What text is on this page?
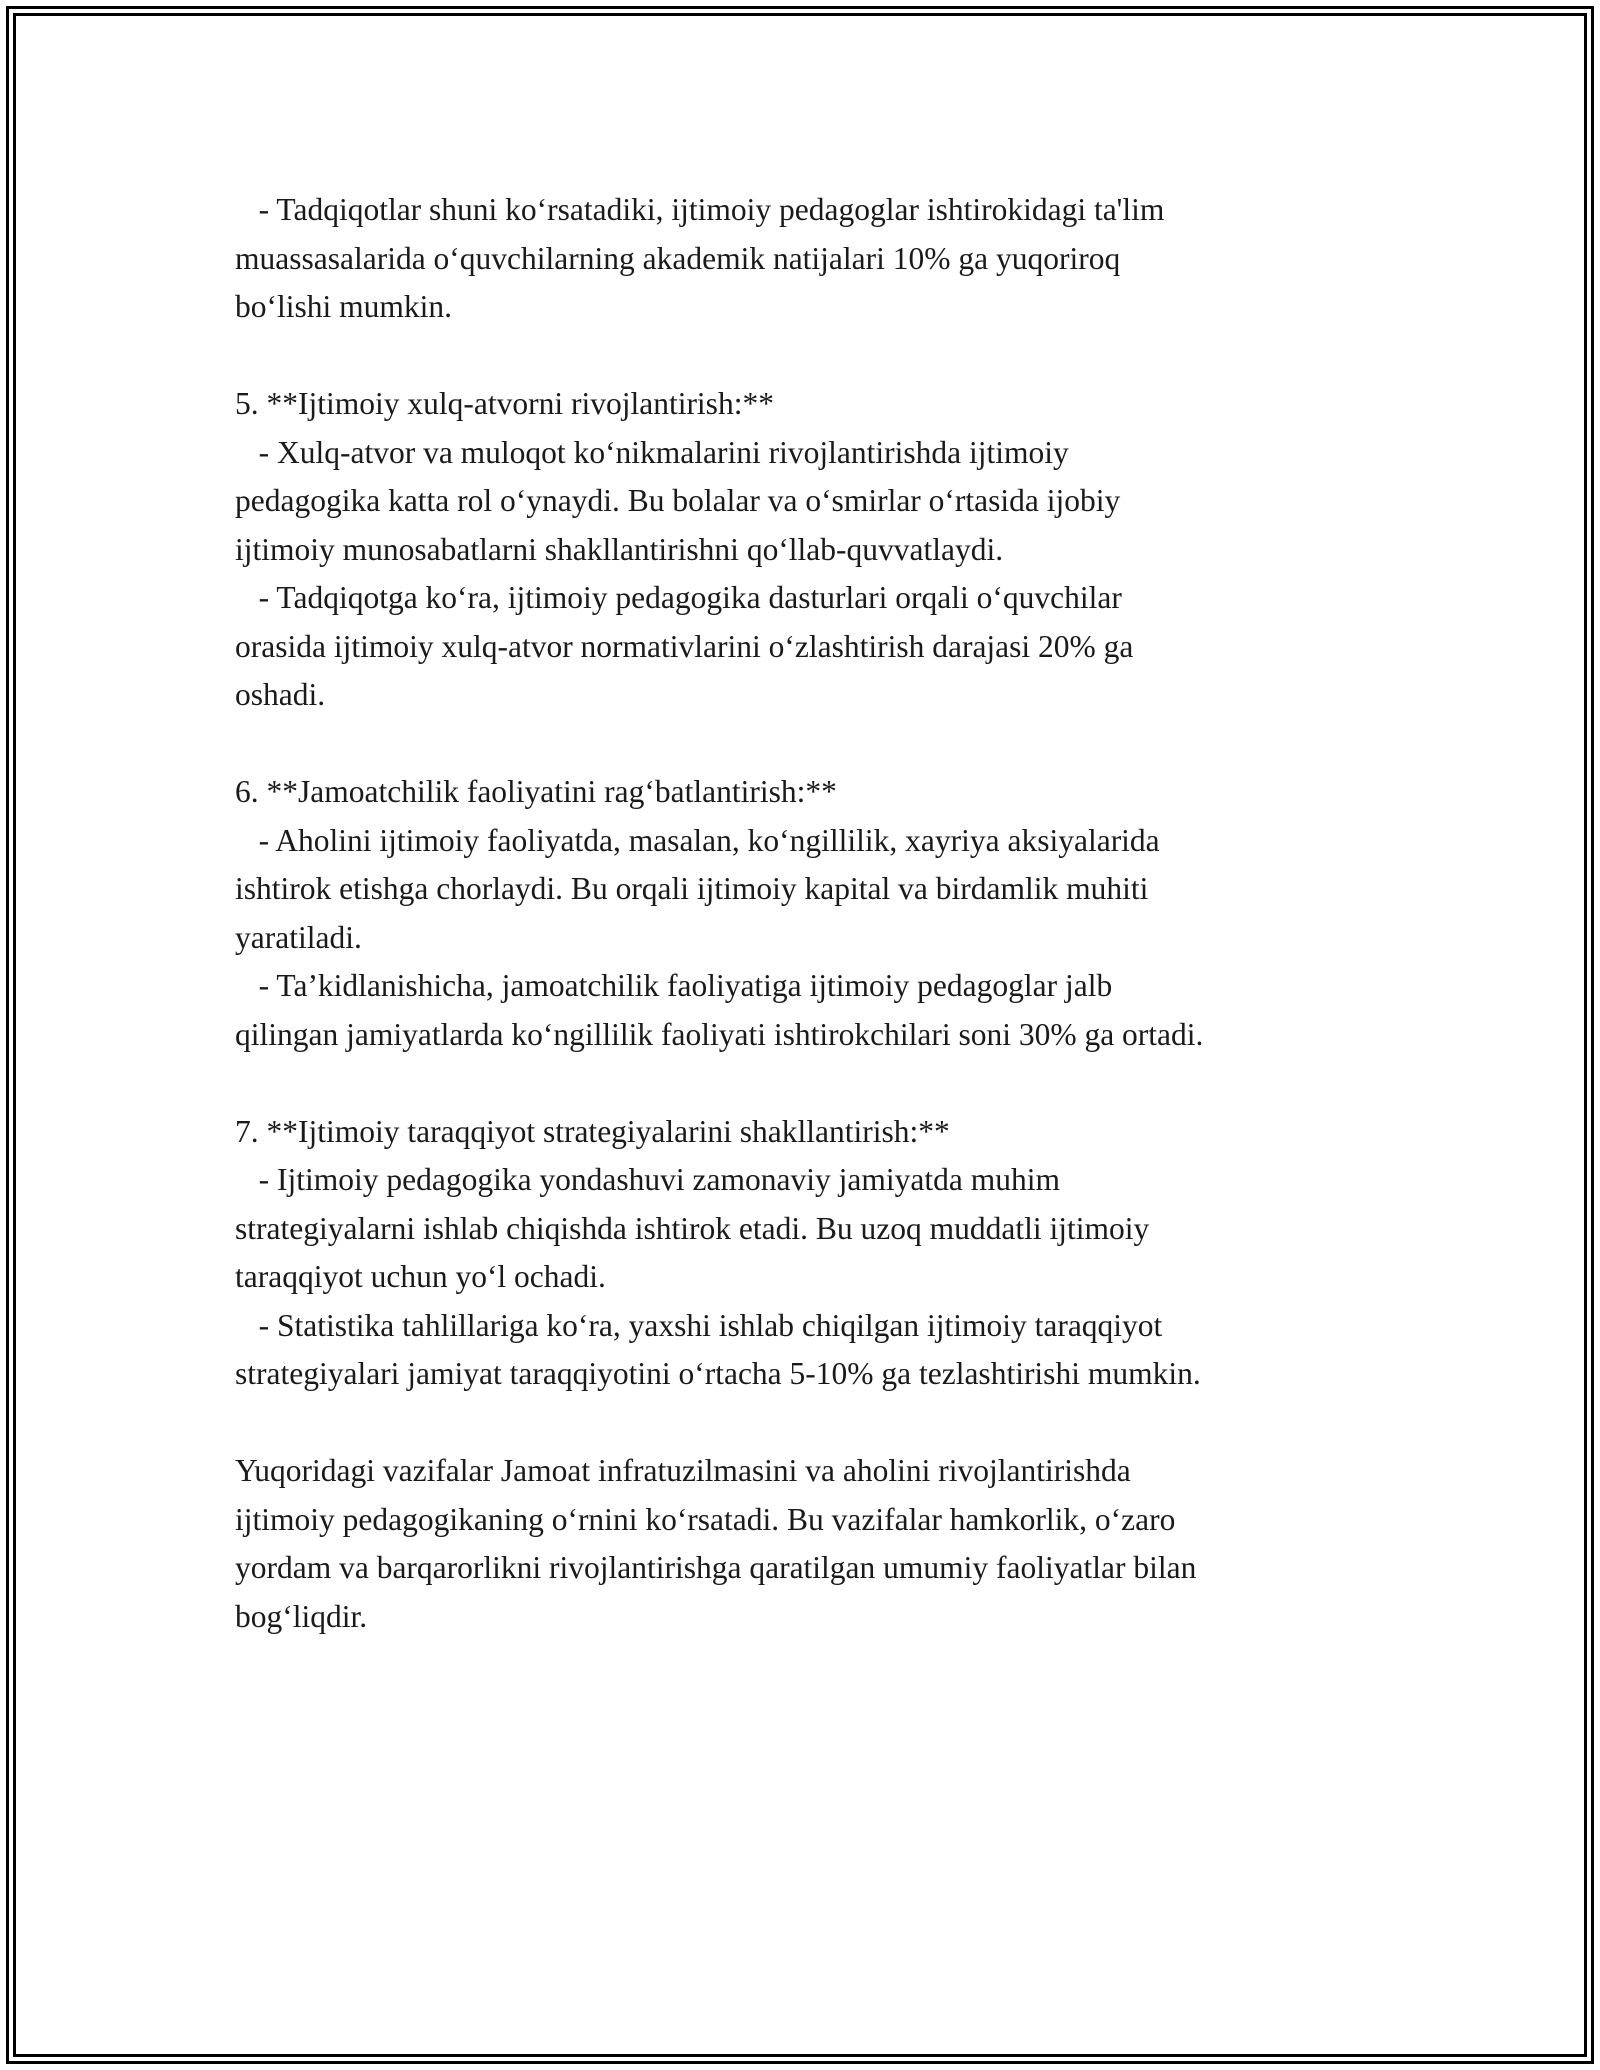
- Tadqiqotlar shuni ko‘rsatadiki, ijtimoiy pedagoglar ishtirokidagi ta'lim
muassasalarida o‘quvchilarning akademik natijalari 10% ga yuqoriroq
bo‘lishi mumkin.
5. **Ijtimoiy xulq-atvorni rivojlantirish:**
- Xulq-atvor va muloqot ko‘nikmalarini rivojlantirishda ijtimoiy
pedagogika katta rol o‘ynaydi. Bu bolalar va o‘smirlar o‘rtasida ijobiy
ijtimoiy munosabatlarni shakllantirishni qo‘llab-quvvatlaydi.
- Tadqiqotga ko‘ra, ijtimoiy pedagogika dasturlari orqali o‘quvchilar
orasida ijtimoiy xulq-atvor normativlarini o‘zlashtirish darajasi 20% ga
oshadi.
6. **Jamoatchilik faoliyatini rag‘batlantirish:**
- Aholini ijtimoiy faoliyatda, masalan, ko‘ngillilik, xayriya aksiyalarida
ishtirok etishga chorlaydi. Bu orqali ijtimoiy kapital va birdamlik muhiti
yaratiladi.
- Ta’kidlanishicha, jamoatchilik faoliyatiga ijtimoiy pedagoglar jalb
qilingan jamiyatlarda ko‘ngillilik faoliyati ishtirokchilari soni 30% ga ortadi.
7. **Ijtimoiy taraqqiyot strategiyalarini shakllantirish:**
- Ijtimoiy pedagogika yondashuvi zamonaviy jamiyatda muhim
strategiyalarni ishlab chiqishda ishtirok etadi. Bu uzoq muddatli ijtimoiy
taraqqiyot uchun yo‘l ochadi.
- Statistika tahlillariga ko‘ra, yaxshi ishlab chiqilgan ijtimoiy taraqqiyot
strategiyalari jamiyat taraqqiyotini o‘rtacha 5-10% ga tezlashtirishi mumkin.
Yuqoridagi vazifalar Jamoat infratuzilmasini va aholini rivojlantirishda
ijtimoiy pedagogikaning o‘rnini ko‘rsatadi. Bu vazifalar hamkorlik, o‘zaro
yordam va barqarorlikni rivojlantirishga qaratilgan umumiy faoliyatlar bilan
bog‘liqdir.
